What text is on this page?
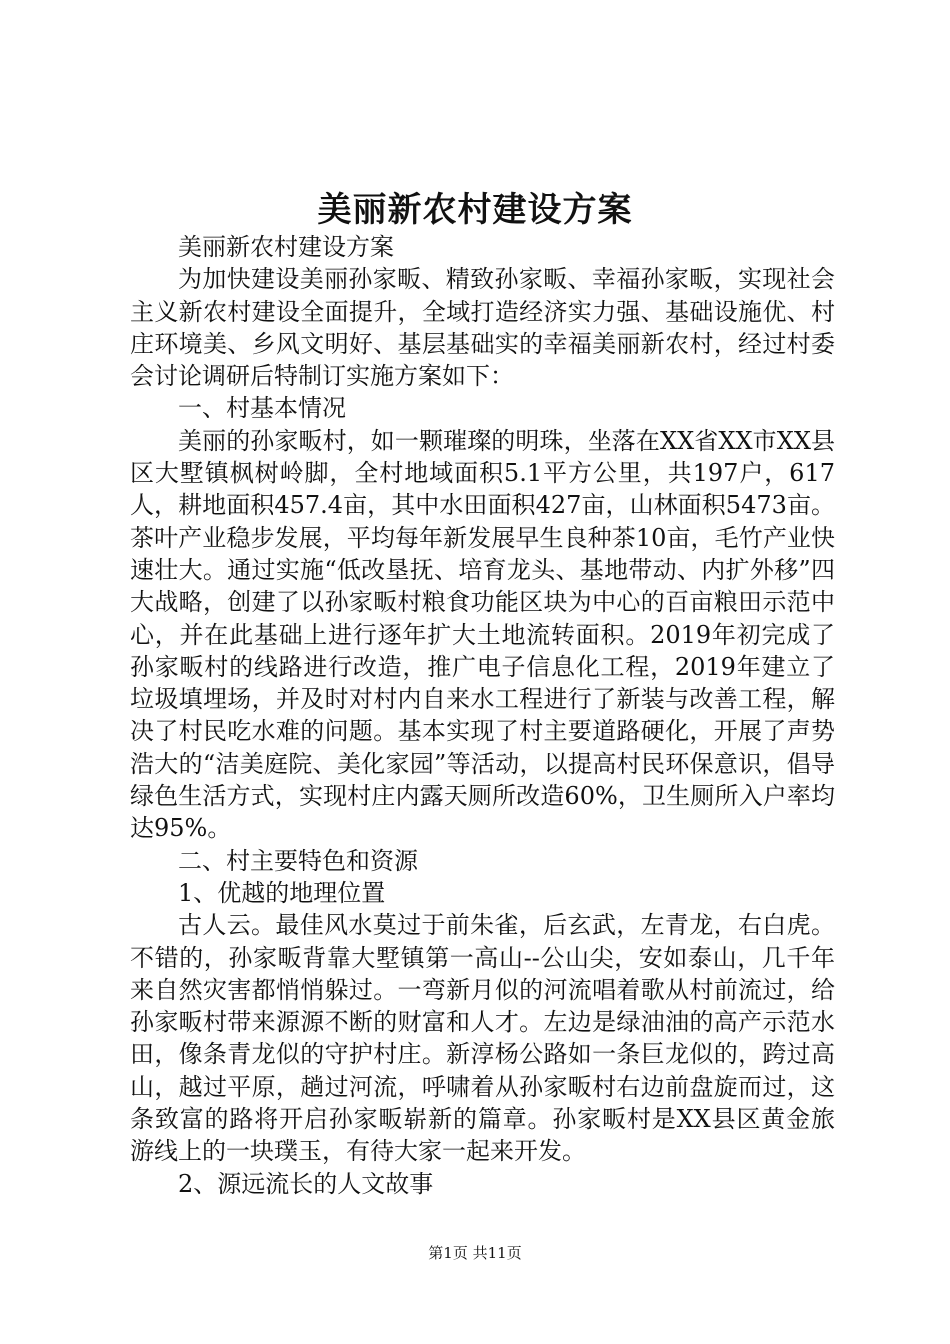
美丽新农村建设方案

美丽新农村建设方案

为加快建设美丽孙家畈、精致孙家畈、幸福孙家畈，实现社会主义新农村建设全面提升，全域打造经济实力强、基础设施优、村庄环境美、乡风文明好、基层基础实的幸福美丽新农村，经过村委会讨论调研后特制订实施方案如下：

一、村基本情况

美丽的孙家畈村，如一颗璀璨的明珠，坐落在XX省XX市XX县区大墅镇枫树岭脚，全村地域面积5.1平方公里，共197户，617人，耕地面积457.4亩，其中水田面积427亩，山林面积5473亩。茶叶产业稳步发展，平均每年新发展早生良种茶10亩，毛竹产业快速壮大。通过实施“低改垦抚、培育龙头、基地带动、内扩外移”四大战略，创建了以孙家畈村粮食功能区块为中心的百亩粮田示范中心，并在此基础上进行逐年扩大土地流转面积。2019年初完成了孙家畈村的线路进行改造，推广电子信息化工程，2019年建立了垃圾填埋场，并及时对村内自来水工程进行了新装与改善工程，解决了村民吃水难的问题。基本实现了村主要道路硬化，开展了声势浩大的“洁美庭院、美化家园”等活动，以提高村民环保意识，倡导绿色生活方式，实现村庄内露天厕所改造60%，卫生厕所入户率均达95%。

二、村主要特色和资源

1、优越的地理位置

古人云。最佳风水莫过于前朱雀，后玄武，左青龙，右白虎。不错的，孙家畈背靠大墅镇第一高山--公山尖，安如泰山，几千年来自然灾害都悄悄躲过。一弯新月似的河流唱着歌从村前流过，给孙家畈村带来源源不断的财富和人才。左边是绿油油的高产示范水田，像条青龙似的守护村庄。新淳杨公路如一条巨龙似的，跨过高山，越过平原，趟过河流，呼啸着从孙家畈村右边前盘旋而过，这条致富的路将开启孙家畈崭新的篇章。孙家畈村是XX县区黄金旅游线上的一块璞玉，有待大家一起来开发。

2、源远流长的人文故事

第1页 共11页
